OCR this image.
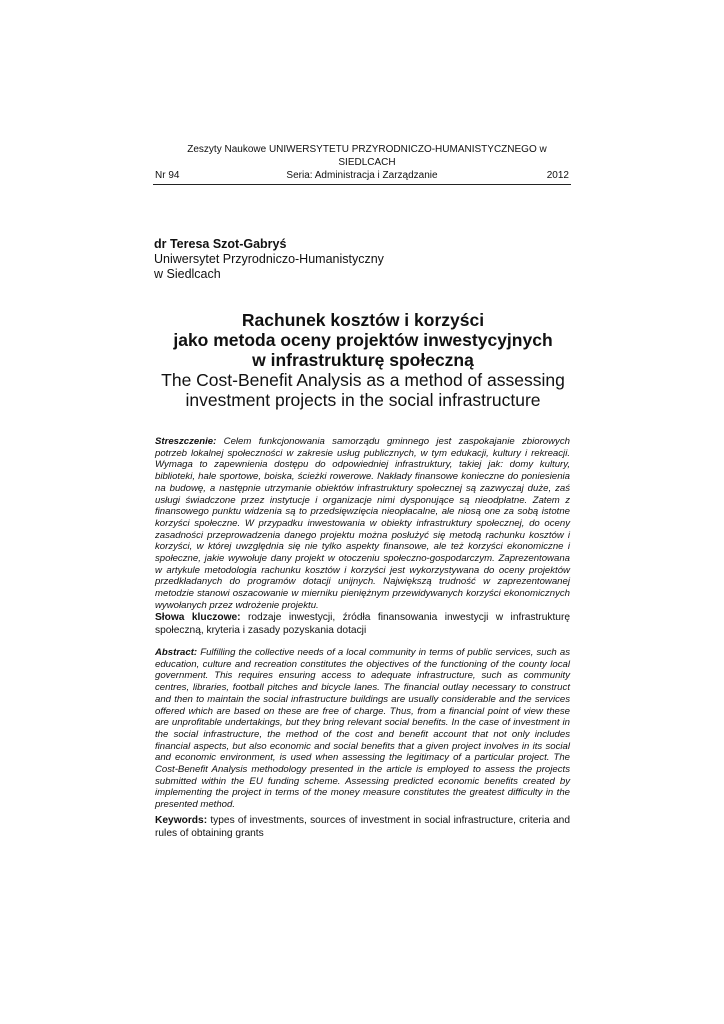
Zeszyty Naukowe UNIWERSYTETU PRZYRODNICZO-HUMANISTYCZNEGO w SIEDLCACH
Nr 94	Seria: Administracja i Zarządzanie	2012
dr Teresa Szot-Gabryś
Uniwersytet Przyrodniczo-Humanistyczny
w Siedlcach
Rachunek kosztów i korzyści
jako metoda oceny projektów inwestycyjnych
w infrastrukturę społeczną
The Cost-Benefit Analysis as a method of assessing
investment projects in the social infrastructure
Streszczenie: Celem funkcjonowania samorządu gminnego jest zaspokajanie zbiorowych potrzeb lokalnej społeczności w zakresie usług publicznych, w tym edukacji, kultury i rekreacji. Wymaga to zapewnienia dostępu do odpowiedniej infrastruktury, takiej jak: domy kultury, biblioteki, hale sportowe, boiska, ścieżki rowerowe. Nakłady finansowe konieczne do poniesienia na budowę, a następnie utrzymanie obiektów infrastruktury społecznej są zazwyczaj duże, zaś usługi świadczone przez instytucje i organizacje nimi dysponujące są nieodpłatne. Zatem z finansowego punktu widzenia są to przedsięwzięcia nieopłacalne, ale niosą one za sobą istotne korzyści społeczne. W przypadku inwestowania w obiekty infrastruktury społecznej, do oceny zasadności przeprowadzenia danego projektu można posłużyć się metodą rachunku kosztów i korzyści, w której uwzględnia się nie tylko aspekty finansowe, ale też korzyści ekonomiczne i społeczne, jakie wywołuje dany projekt w otoczeniu społeczno-gospodarczym. Zaprezentowana w artykule metodologia rachunku kosztów i korzyści jest wykorzystywana do oceny projektów przedkładanych do programów dotacji unijnych. Największą trudność w zaprezentowanej metodzie stanowi oszacowanie w mierniku pieniężnym przewidywanych korzyści ekonomicznych wywołanych przez wdrożenie projektu.
Słowa kluczowe: rodzaje inwestycji, źródła finansowania inwestycji w infrastrukturę społeczną, kryteria i zasady pozyskania dotacji
Abstract: Fulfilling the collective needs of a local community in terms of public services, such as education, culture and recreation constitutes the objectives of the functioning of the county local government. This requires ensuring access to adequate infrastructure, such as community centres, libraries, football pitches and bicycle lanes. The financial outlay necessary to construct and then to maintain the social infrastructure buildings are usually considerable and the services offered which are based on these are free of charge. Thus, from a financial point of view these are unprofitable undertakings, but they bring relevant social benefits. In the case of investment in the social infrastructure, the method of the cost and benefit account that not only includes financial aspects, but also economic and social benefits that a given project involves in its social and economic environment, is used when assessing the legitimacy of a particular project. The Cost-Benefit Analysis methodology presented in the article is employed to assess the projects submitted within the EU funding scheme. Assessing predicted economic benefits created by implementing the project in terms of the money measure constitutes the greatest difficulty in the presented method.
Keywords: types of investments, sources of investment in social infrastructure, criteria and rules of obtaining grants
